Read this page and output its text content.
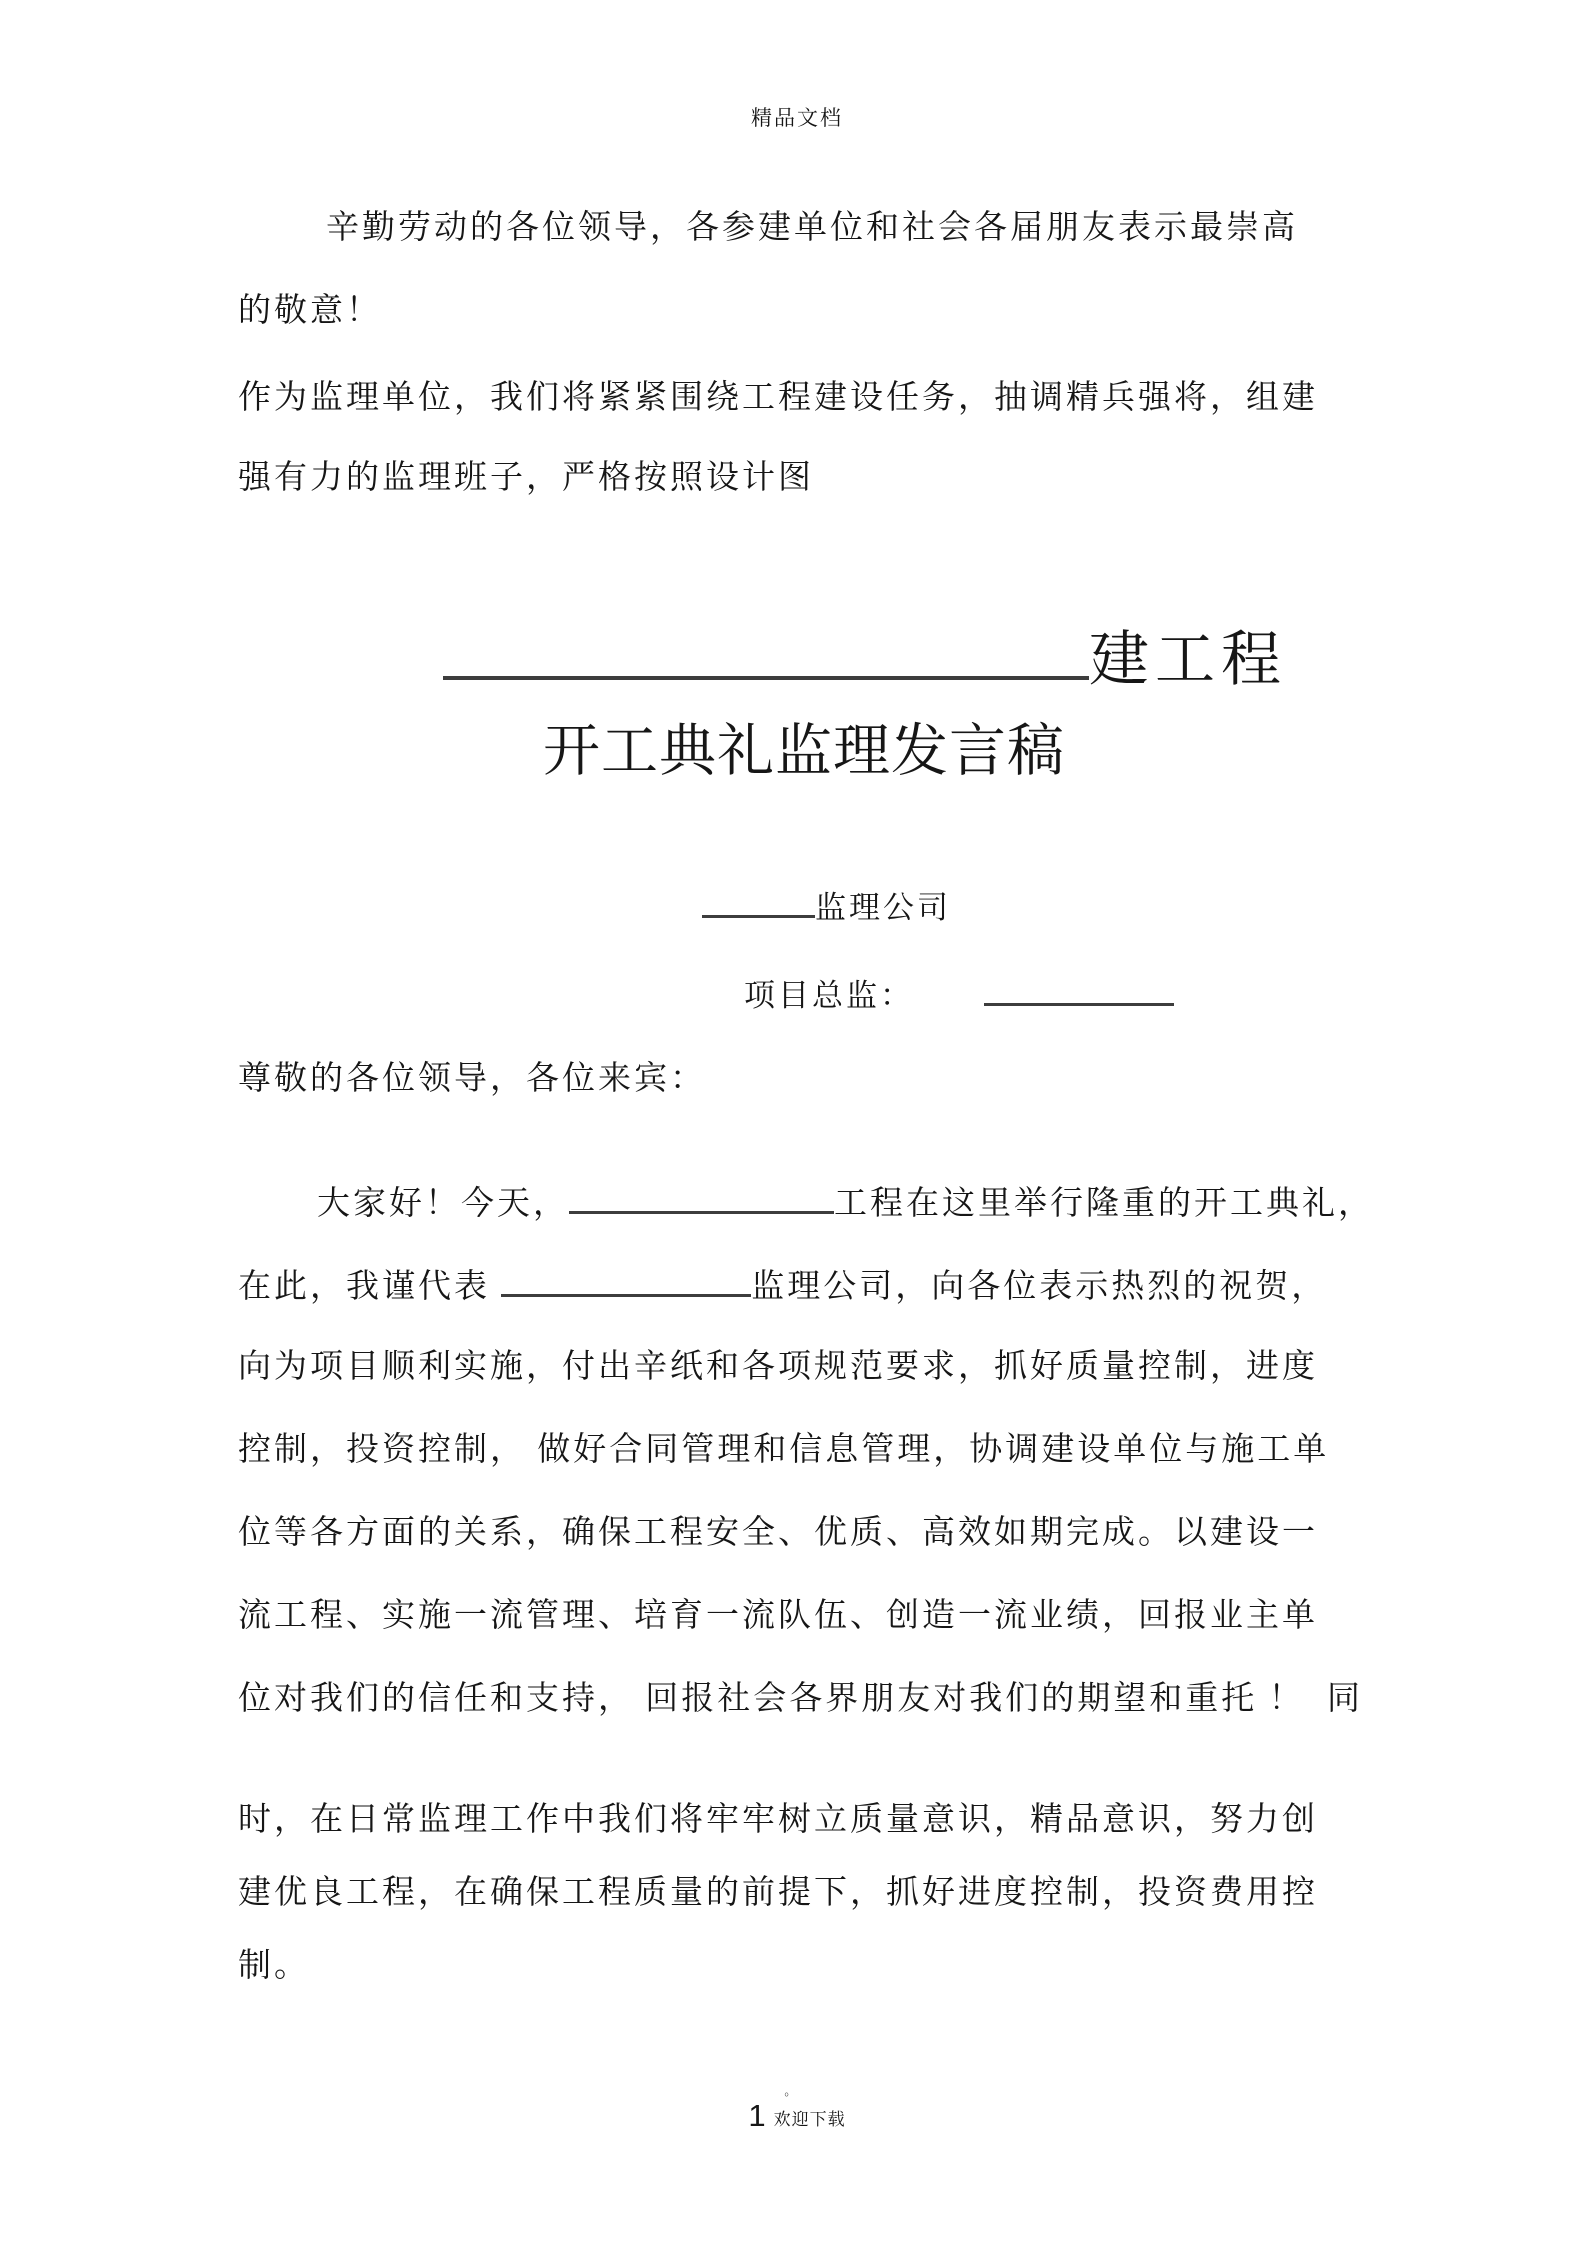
精品文档
辛勤劳动的各位领导，各参建单位和社会各届朋友表示最崇高
的敬意！
作为监理单位，我们将紧紧围绕工程建设任务，抽调精兵强将，组建
强有力的监理班子，严格按照设计图
建工程
开工典礼监理发言稿
监理公司
项目总监：
尊敬的各位领导，各位来宾：
大家好！今天，	工程在这里举行隆重的开工典礼，
在此，我谨代表	监理公司，向各位表示热烈的祝贺，
向为项目顺利实施，付出辛纸和各项规范要求，抓好质量控制，进度
控制，投资控制， 做好合同管理和信息管理，协调建设单位与施工单
位等各方面的关系，确保工程安全、优质、高效如期完成。以建设一
流工程、实施一流管理、培育一流队伍、创造一流业绩，回报业主单
位对我们的信任和支持， 回报社会各界朋友对我们的期望和重托 ！  同
时，在日常监理工作中我们将牢牢树立质量意识，精品意识，努力创
建优良工程，在确保工程质量的前提下，抓好进度控制，投资费用控
制。
。
1 欢迎下载
